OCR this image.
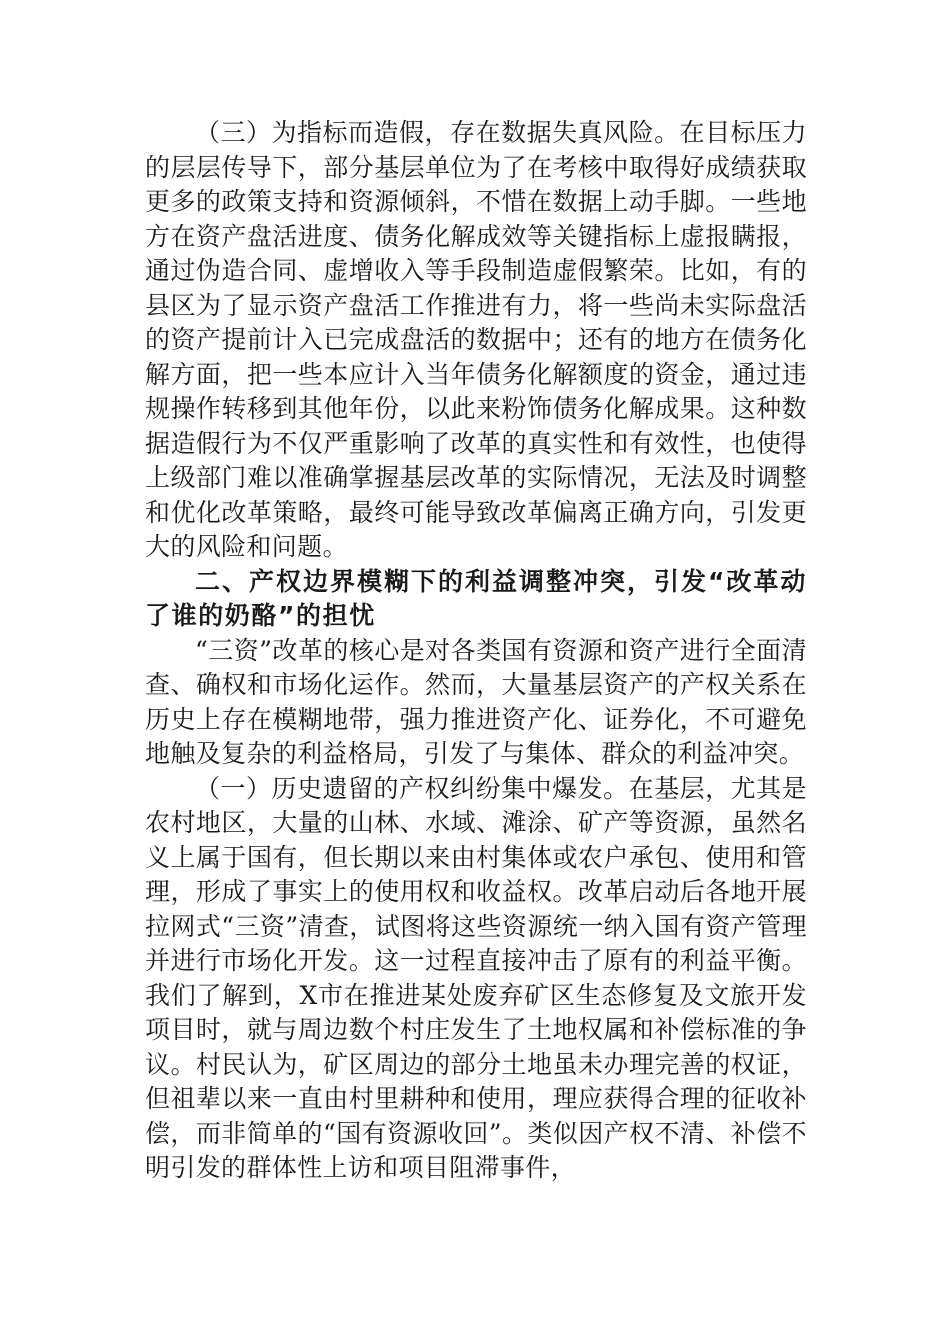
（三）为指标而造假，存在数据失真风险。在目标压力的层层传导下，部分基层单位为了在考核中取得好成绩获取更多的政策支持和资源倾斜，不惜在数据上动手脚。一些地方在资产盘活进度、债务化解成效等关键指标上虚报瞒报，通过伪造合同、虚增收入等手段制造虚假繁荣。比如，有的县区为了显示资产盘活工作推进有力，将一些尚未实际盘活的资产提前计入已完成盘活的数据中；还有的地方在债务化解方面，把一些本应计入当年债务化解额度的资金，通过违规操作转移到其他年份，以此来粉饰债务化解成果。这种数据造假行为不仅严重影响了改革的真实性和有效性，也使得上级部门难以准确掌握基层改革的实际情况，无法及时调整和优化改革策略，最终可能导致改革偏离正确方向，引发更大的风险和问题。

二、产权边界模糊下的利益调整冲突，引发“改革动了谁的奶酪”的担忧

“三资”改革的核心是对各类国有资源和资产进行全面清查、确权和市场化运作。然而，大量基层资产的产权关系在历史上存在模糊地带，强力推进资产化、证券化，不可避免地触及复杂的利益格局，引发了与集体、群众的利益冲突。

（一）历史遗留的产权纠纷集中爆发。在基层，尤其是农村地区，大量的山林、水域、滩涂、矿产等资源，虽然名义上属于国有，但长期以来由村集体或农户承包、使用和管理，形成了事实上的使用权和收益权。改革启动后各地开展拉网式“三资”清查，试图将这些资源统一纳入国有资产管理并进行市场化开发。这一过程直接冲击了原有的利益平衡。我们了解到，X市在推进某处废弃矿区生态修复及文旅开发项目时，就与周边数个村庄发生了土地权属和补偿标准的争议。村民认为，矿区周边的部分土地虽未办理完善的权证，但祖辈以来一直由村里耕种和使用，理应获得合理的征收补偿，而非简单的“国有资源收回”。类似因产权不清、补偿不明引发的群体性上访和项目阻滞事件，
